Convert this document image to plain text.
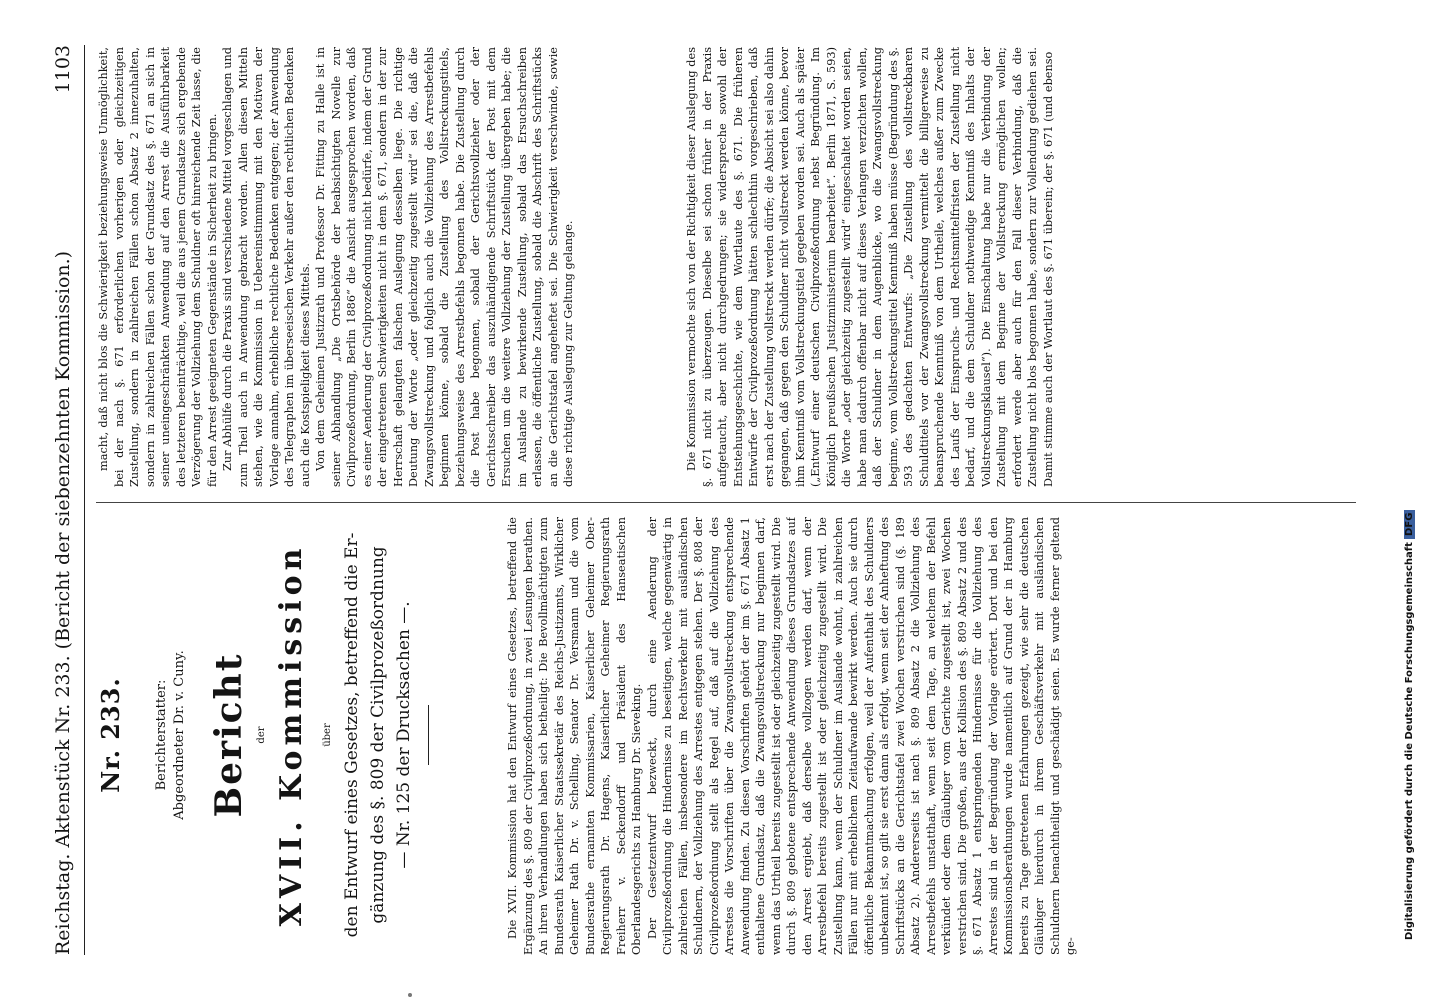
Reichstag. Aktenstück Nr. 233. (Bericht der siebenzehnten Kommission.)
1103
Nr. 233. Berichterstatter: Abgeordneter Dr. v. Cuny. Bericht der XVII. Kommission über den Entwurf eines Gesetzes, betreffend die Er- gänzung des §. 809 der Civilprozeßordnung — Nr. 125 der Drucksachen —.	Die XVII. Kommission hat den Entwurf eines Gesetzes, betreffend die Ergänzung des §. 809 der Civilprozeßordnung, in zwei Lesungen berathen. An ihren Verhandlungen haben sich betheiligt: Die Bevollmächtigten zum Bundesrath Kaiserlicher Staatssekretär des Reichs-Justizamts, Wirklicher Geheimer Rath Dr. v. Schelling, Senator Dr. Versmann und die vom Bundesrathe ernannten Kommissarien, Kaiserlicher Geheimer Ober-Regierungsrath Dr. Hagens, Kaiserlicher Geheimer Regierungsrath Freiherr v. Seckendorff und Präsident des Hanseatischen Oberlandesgerichts zu Hamburg Dr. Sieveking. Der Gesetzentwurf bezweckt, durch eine Aenderung der Civilprozeßordnung die Hindernisse zu beseitigen, welche gegenwärtig in zahlreichen Fällen, insbesondere im Rechtsverkehr mit ausländischen Schuldnern, der Vollziehung des Arrestes entgegen stehen. Der §. 808 der Civilprozeßordnung stellt als Regel auf, daß auf die Vollziehung des Arrestes die Vorschriften über die Zwangsvollstreckung entsprechende Anwendung finden. Zu diesen Vorschriften gehört der im §. 671 Absatz 1 enthaltene Grundsatz, daß die Zwangsvollstreckung nur beginnen darf, wenn das Urtheil bereits zugestellt ist oder gleichzeitig zugestellt wird. Die durch §. 809 gebotene entsprechende Anwendung dieses Grundsatzes auf den Arrest ergiebt, daß derselbe vollzogen werden darf, wenn der Arrestbefehl bereits zugestellt ist oder gleichzeitig zugestellt wird. Die Zustellung kann, wenn der Schuldner im Auslande wohnt, in zahlreichen Fällen nur mit erheblichem Zeitaufwande bewirkt werden. Auch sie durch öffentliche Bekanntmachung erfolgen, weil der Aufenthalt des Schuldners unbekannt ist, so gilt sie erst dann als erfolgt, wenn seit der Anheftung des Schriftstücks an die Gerichtstafel zwei Wochen verstrichen sind (§. 189 Absatz 2). Andererseits ist nach §. 809 Absatz 2 die Vollziehung des Arrestbefehls unstatthaft, wenn seit dem Tage, an welchem der Befehl verkündet oder dem Gläubiger vom Gerichte zugestellt ist, zwei Wochen verstrichen sind. Die großen, aus der Kollision des §. 809 Absatz 2 und des §. 671 Absatz 1 entspringenden Hindernisse für die Vollziehung des Arrestes sind in der Begründung der Vorlage erörtert. Dort und bei den Kommissionsberathungen wurde namentlich auf Grund der in Hamburg bereits zu Tage getretenen Erfahrungen gezeigt, wie sehr die deutschen Gläubiger hierdurch in ihrem Geschäftsverkehr mit ausländischen Schuldnern benachtheiligt und geschädigt seien. Es wurde ferner geltend ge-

macht, daß nicht blos die Schwierigkeit beziehungsweise Unmöglichkeit, bei der nach §. 671 erforderlichen vorherigen oder gleichzeitigen Zustellung, sondern in zahlreichen Fällen schon Absatz 2 innezuhalten, sondern in zahlreichen Fällen schon der Grundsatz des §. 671 an sich in seiner uneingeschränkten Anwendung auf den Arrest die Ausführbarkeit des letzteren beeinträchtige, weil die aus jenem Grundsatze sich ergebende Verzögerung der Vollziehung dem Schuldner oft hinreichende Zeit lasse, die für den Arrest geeigneten Gegenstände in Sicherheit zu bringen. Zur Abhülfe durch die Praxis sind verschiedene Mittel vorgeschlagen und zum Theil auch in Anwendung gebracht worden. Allen diesen Mitteln stehen, wie die Kommission in Uebereinstimmung mit den Motiven der Vorlage annahm, erhebliche rechtliche Bedenken entgegen; der Anwendung des Telegraphen im überseeischen Verkehr außer den rechtlichen Bedenken auch die Kostspieligkeit dieses Mittels. Von dem Geheimen Justizrath und Professor Dr. Fitting zu Halle ist in seiner Abhandlung „Die Ortsbehörde der beabsichtigten Novelle zur Civilprozeßordnung, Berlin 1886“ die Ansicht ausgesprochen worden, daß es einer Aenderung der Civilprozeßordnung nicht bedürfe, indem der Grund der eingetretenen Schwierigkeiten nicht in dem §. 671, sondern in der zur Herrschaft gelangten falschen Auslegung desselben liege. Die richtige Deutung der Worte „oder gleichzeitig zugestellt wird“ sei die, daß die Zwangsvollstreckung und folglich auch die Vollziehung des Arrestbefehls beginnen könne, sobald die Zustellung des Vollstreckungstitels, beziehungsweise des Arrestbefehls begonnen habe. Die Zustellung durch die Post habe begonnen, sobald der Gerichtsvollzieher oder der Gerichtsschreiber das auszuhändigende Schriftstück der Post mit dem Ersuchen um die weitere Vollziehung der Zustellung übergeben habe; die im Auslande zu bewirkende Zustellung, sobald das Ersuchschreiben erlassen, die öffentliche Zustellung, sobald die Abschrift des Schriftstücks an die Gerichtstafel angeheftet sei. Die Schwierigkeit verschwinde, sowie diese richtige Auslegung zur Geltung gelange.	Die Kommission vermochte sich von der Richtigkeit dieser Auslegung des §. 671 nicht zu überzeugen. Dieselbe sei schon früher in der Praxis aufgetaucht, aber nicht durchgedrungen; sie widerspreche sowohl der Entstehungsgeschichte, wie dem Wortlaute des §. 671. Die früheren Entwürfe der Civilprozeßordnung hätten schlechthin vorgeschrieben, daß erst nach der Zustellung vollstreckt werden dürfe; die Absicht sei also dahin gegangen, daß gegen den Schuldner nicht vollstreckt werden könne, bevor ihm Kenntniß vom Vollstreckungstitel gegeben worden sei. Auch als später („Entwurf einer deutschen Civilprozeßordnung nebst Begründung. Im Königlich preußischen Justizministerium bearbeitet“. Berlin 1871, S. 593) die Worte „oder gleichzeitig zugestellt wird“ eingeschaltet worden seien, habe man dadurch offenbar nicht auf dieses Verlangen verzichten wollen, daß der Schuldner in dem Augenblicke, wo die Zwangsvollstreckung beginne, vom Vollstreckungstitel Kenntniß haben müsse (Begründung des §. 593 des gedachten Entwurfs: „Die Zustellung des vollstreckbaren Schuldtitels vor der Zwangsvollstreckung vermittelt die billigerweise zu beanspruchende Kenntniß von dem Urtheile, welches außer zum Zwecke des Laufs der Einspruchs- und Rechtsmittelfristen der Zustellung nicht bedarf, und die dem Schuldner nothwendige Kenntniß des Inhalts der Vollstreckungsklausel“). Die Einschaltung habe nur die Verbindung der Zustellung mit dem Beginne der Vollstreckung ermöglichen wollen; erfordert werde aber auch für den Fall dieser Verbindung, daß die Zustellung nicht blos begonnen habe, sondern zur Vollendung gediehen sei. Damit stimme auch der Wortlaut des §. 671 überein; der §. 671 (und ebenso

Digitalisierung gefördert durch die Deutsche Forschungsgemeinschaft DFG
